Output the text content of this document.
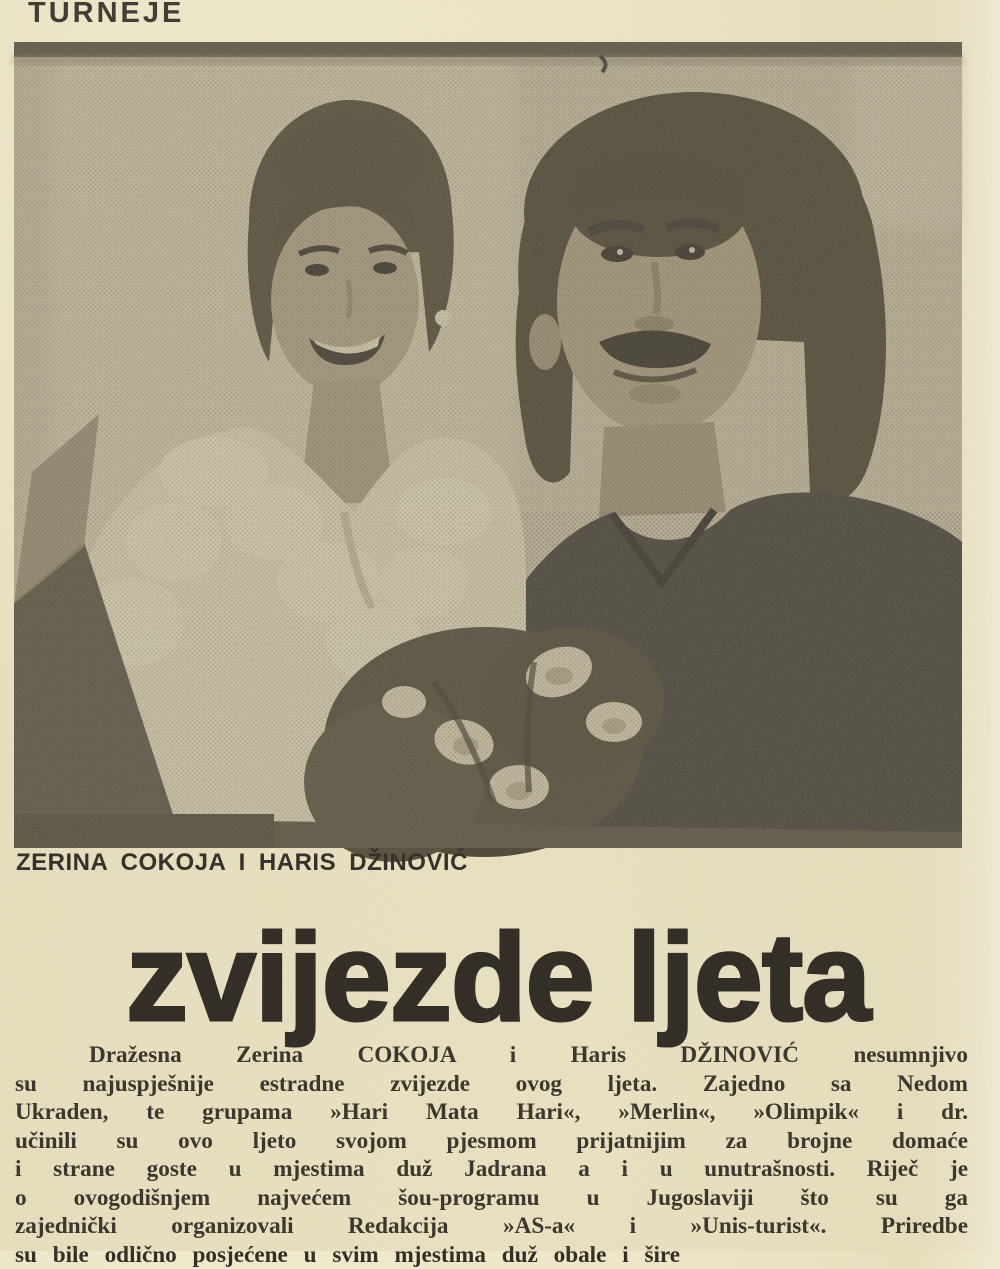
TURNEJE
ZERINA COKOJA I HARIS DŽINOVIĆ
zvijezde ljeta
Dražesna Zerina COKOJA i Haris DŽINOVIĆ nesumnjivo
su najuspješnije estradne zvijezde ovog ljeta. Zajedno sa Nedom
Ukraden, te grupama »Hari Mata Hari«, »Merlin«, »Olimpik« i dr.
učinili su ovo ljeto svojom pjesmom prijatnijim za brojne domaće
i strane goste u mjestima duž Jadrana a i u unutrašnosti. Riječ je
o ovogodišnjem najvećem šou-programu u Jugoslaviji što su ga
zajednički organizovali Redakcija »AS-a« i »Unis-turist«. Priredbe
su bile odlično posjećene u svim mjestima duž obale i šire
